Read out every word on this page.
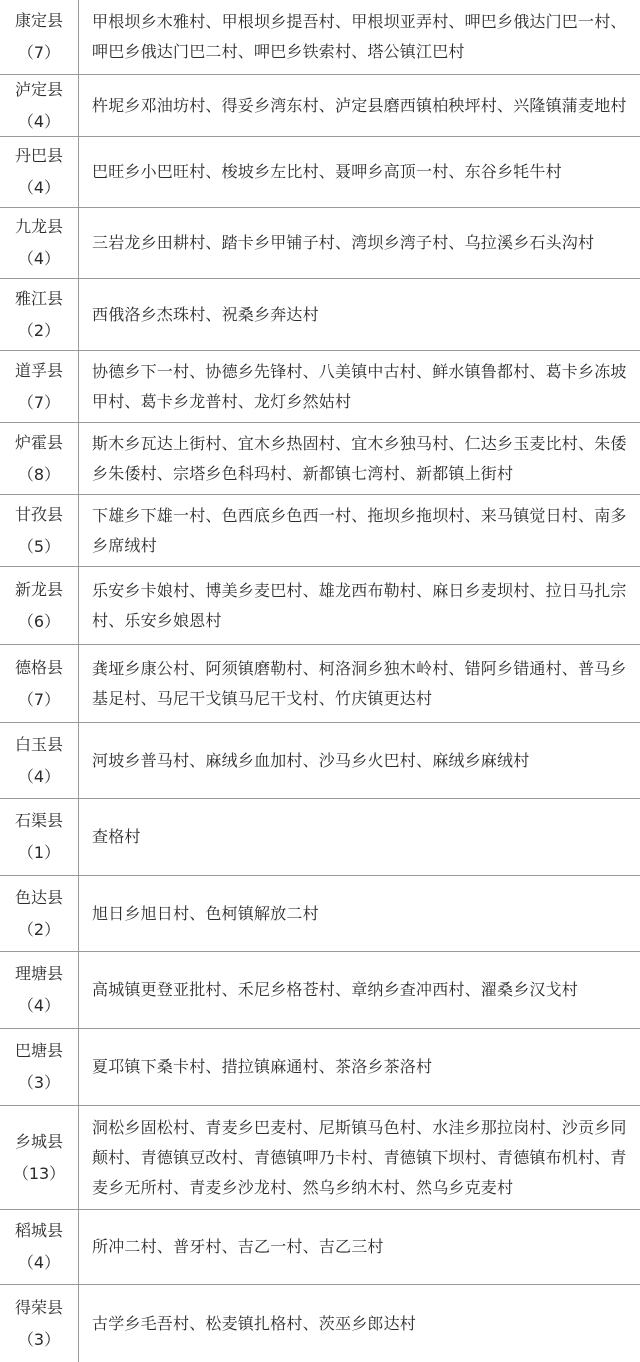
康定县
（7）
甲根坝乡木雅村、甲根坝乡提吾村、甲根坝亚弄村、呷巴乡俄达门巴一村、呷巴乡俄达门巴二村、呷巴乡铁索村、塔公镇江巴村
泸定县
（4）
杵坭乡邓油坊村、得妥乡湾东村、泸定县磨西镇柏秧坪村、兴隆镇蒲麦地村
丹巴县
（4）
巴旺乡小巴旺村、梭坡乡左比村、聂呷乡高顶一村、东谷乡牦牛村
九龙县
（4）
三岩龙乡田耕村、踏卡乡甲铺子村、湾坝乡湾子村、乌拉溪乡石头沟村
雅江县
（2）
西俄洛乡杰珠村、祝桑乡奔达村
道孚县
（7）
协德乡下一村、协德乡先锋村、八美镇中古村、鲜水镇鲁都村、葛卡乡冻坡甲村、葛卡乡龙普村、龙灯乡然姑村
炉霍县
（8）
斯木乡瓦达上街村、宜木乡热固村、宜木乡独马村、仁达乡玉麦比村、朱倭乡朱倭村、宗塔乡色科玛村、新都镇七湾村、新都镇上街村
甘孜县
（5）
下雄乡下雄一村、色西底乡色西一村、拖坝乡拖坝村、来马镇觉日村、南多乡席绒村
新龙县
（6）
乐安乡卡娘村、博美乡麦巴村、雄龙西布勒村、麻日乡麦坝村、拉日马扎宗村、乐安乡娘恩村
德格县
（7）
龚垭乡康公村、阿须镇磨勒村、柯洛洞乡独木岭村、错阿乡错通村、普马乡基足村、马尼干戈镇马尼干戈村、竹庆镇更达村
白玉县
（4）
河坡乡普马村、麻绒乡血加村、沙马乡火巴村、麻绒乡麻绒村
石渠县
（1）
查格村
色达县
（2）
旭日乡旭日村、色柯镇解放二村
理塘县
（4）
高城镇更登亚批村、禾尼乡格苍村、章纳乡查冲西村、濯桑乡汉戈村
巴塘县
（3）
夏邛镇下桑卡村、措拉镇麻通村、茶洛乡茶洛村
乡城县
（13）
洞松乡固松村、青麦乡巴麦村、尼斯镇马色村、水洼乡那拉岗村、沙贡乡同颠村、青德镇豆改村、青德镇呷乃卡村、青德镇下坝村、青德镇布机村、青麦乡无所村、青麦乡沙龙村、然乌乡纳木村、然乌乡克麦村
稻城县
（4）
所冲二村、普牙村、吉乙一村、吉乙三村
得荣县
（3）
古学乡毛吾村、松麦镇扎格村、茨巫乡郎达村
